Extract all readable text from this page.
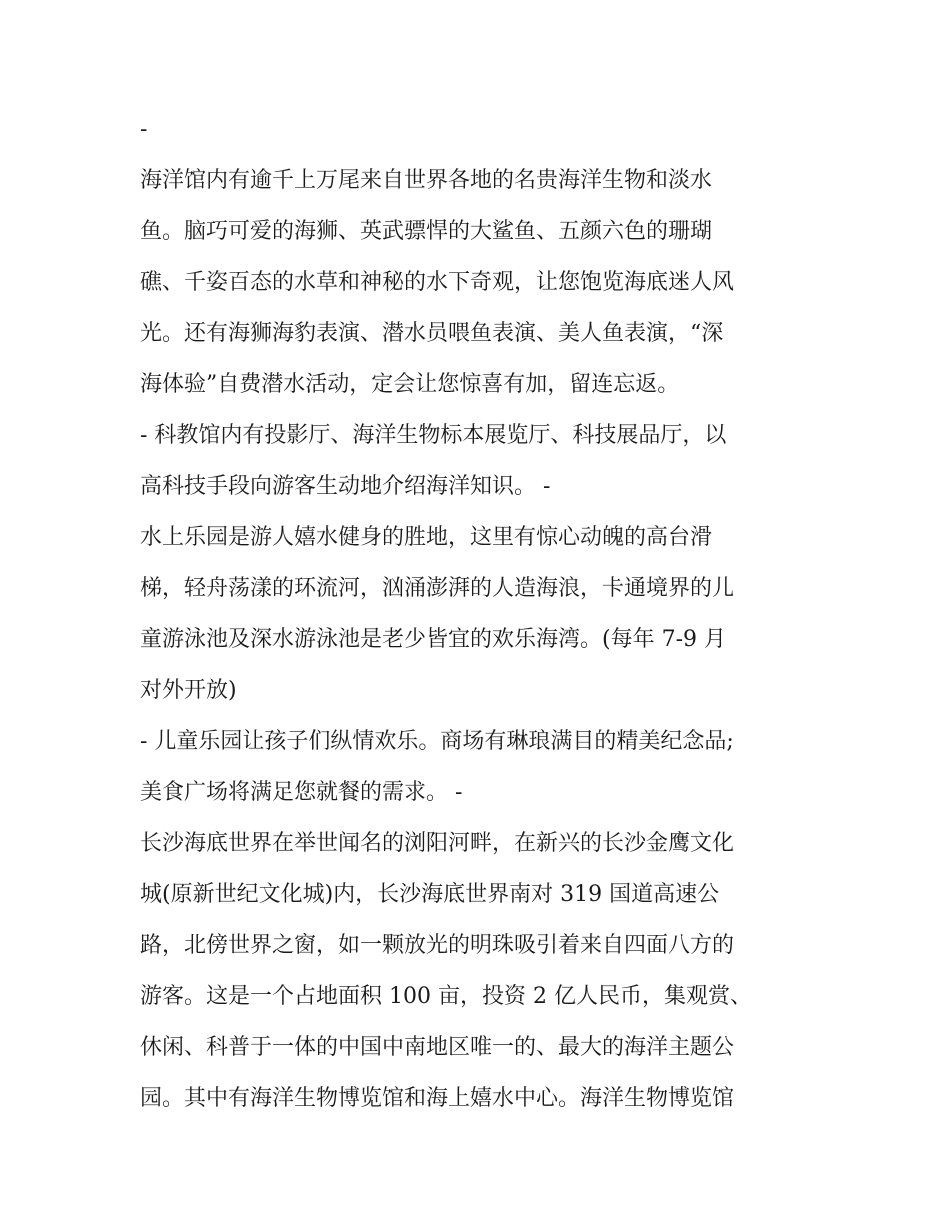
-
海洋馆内有逾千上万尾来自世界各地的名贵海洋生物和淡水
鱼。脑巧可爱的海狮、英武骠悍的大鲨鱼、五颜六色的珊瑚
礁、千姿百态的水草和神秘的水下奇观，让您饱览海底迷人风
光。还有海狮海豹表演、潜水员喂鱼表演、美人鱼表演，“深
海体验”自费潜水活动，定会让您惊喜有加，留连忘返。
- 科教馆内有投影厅、海洋生物标本展览厅、科技展品厅，以
高科技手段向游客生动地介绍海洋知识。 -
水上乐园是游人嬉水健身的胜地，这里有惊心动魄的高台滑
梯，轻舟荡漾的环流河，汹涌澎湃的人造海浪，卡通境界的儿
童游泳池及深水游泳池是老少皆宜的欢乐海湾。(每年 7-9 月
对外开放)
- 儿童乐园让孩子们纵情欢乐。商场有琳琅满目的精美纪念品;
美食广场将满足您就餐的需求。 -
长沙海底世界在举世闻名的浏阳河畔，在新兴的长沙金鹰文化
城(原新世纪文化城)内，长沙海底世界南对 319 国道高速公
路，北傍世界之窗，如一颗放光的明珠吸引着来自四面八方的
游客。这是一个占地面积 100 亩，投资 2 亿人民币，集观赏、
休闲、科普于一体的中国中南地区唯一的、最大的海洋主题公
园。其中有海洋生物博览馆和海上嬉水中心。海洋生物博览馆
